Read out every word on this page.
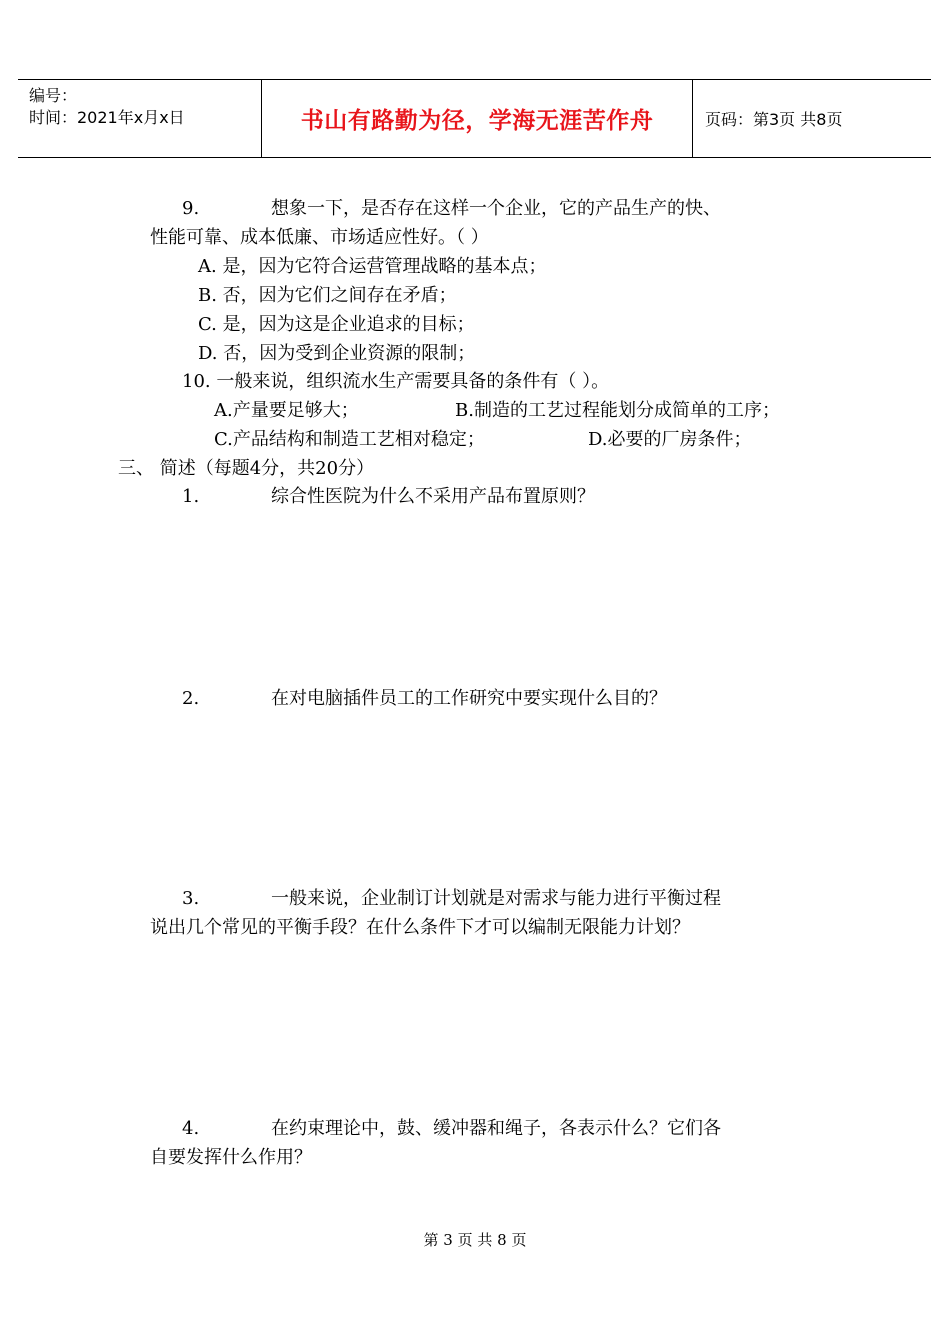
编号：
时间：2021年x月x日	书山有路勤为径，学海无涯苦作舟	页码：第3页 共8页
9.	想象一下，是否存在这样一个企业，它的产品生产的快、
性能可靠、成本低廉、市场适应性好。（ ）
A. 是，因为它符合运营管理战略的基本点；
B. 否，因为它们之间存在矛盾；
C. 是，因为这是企业追求的目标；
D. 否，因为受到企业资源的限制；
10. 一般来说，组织流水生产需要具备的条件有（ ）。
A.产量要足够大；	B.制造的工艺过程能划分成简单的工序；
C.产品结构和制造工艺相对稳定；	D.必要的厂房条件；
三、 简述（每题4分，共20分）
1.	综合性医院为什么不采用产品布置原则？
2.	在对电脑插件员工的工作研究中要实现什么目的？
3.	一般来说，企业制订计划就是对需求与能力进行平衡过程
说出几个常见的平衡手段？在什么条件下才可以编制无限能力计划？
4.	在约束理论中，鼓、缓冲器和绳子，各表示什么？它们各
自要发挥什么作用？
第 3 页 共 8 页
